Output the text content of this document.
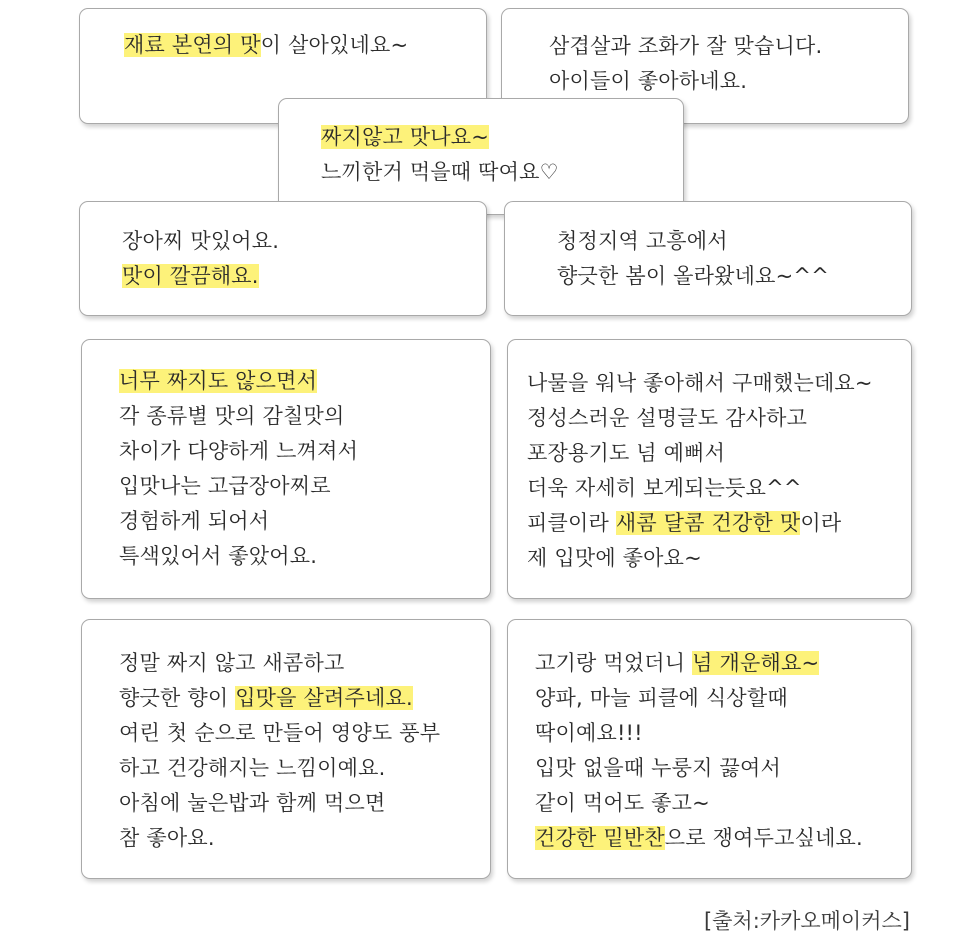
재료 본연의 맛이 살아있네요~	삼겹살과 조화가 잘 맞습니다.
아이들이 좋아하네요.
짜지않고 맛나요~
느끼한거 먹을때 딱여요♡
장아찌 맛있어요.
맛이 깔끔해요.
청정지역 고흥에서
향긋한 봄이 올라왔네요~^^
너무 짜지도 않으면서
각 종류별 맛의 감칠맛의
차이가 다양하게 느껴져서
입맛나는 고급장아찌로
경험하게 되어서
특색있어서 좋았어요.
나물을 워낙 좋아해서 구매했는데요~
정성스러운 설명글도 감사하고
포장용기도 넘 예뻐서
더욱 자세히 보게되는듯요^^
피클이라 새콤 달콤 건강한 맛이라
제 입맛에 좋아요~
정말 짜지 않고 새콤하고
향긋한 향이 입맛을 살려주네요.
여린 첫 순으로 만들어 영양도 풍부
하고 건강해지는 느낌이예요.
아침에 눌은밥과 함께 먹으면
참 좋아요.
고기랑 먹었더니 넘 개운해요~
양파, 마늘 피클에 식상할때
딱이예요!!!
입맛 없을때 누룽지 끓여서
같이 먹어도 좋고~
건강한 밑반찬으로 쟁여두고싶네요.
[출처:카카오메이커스]
